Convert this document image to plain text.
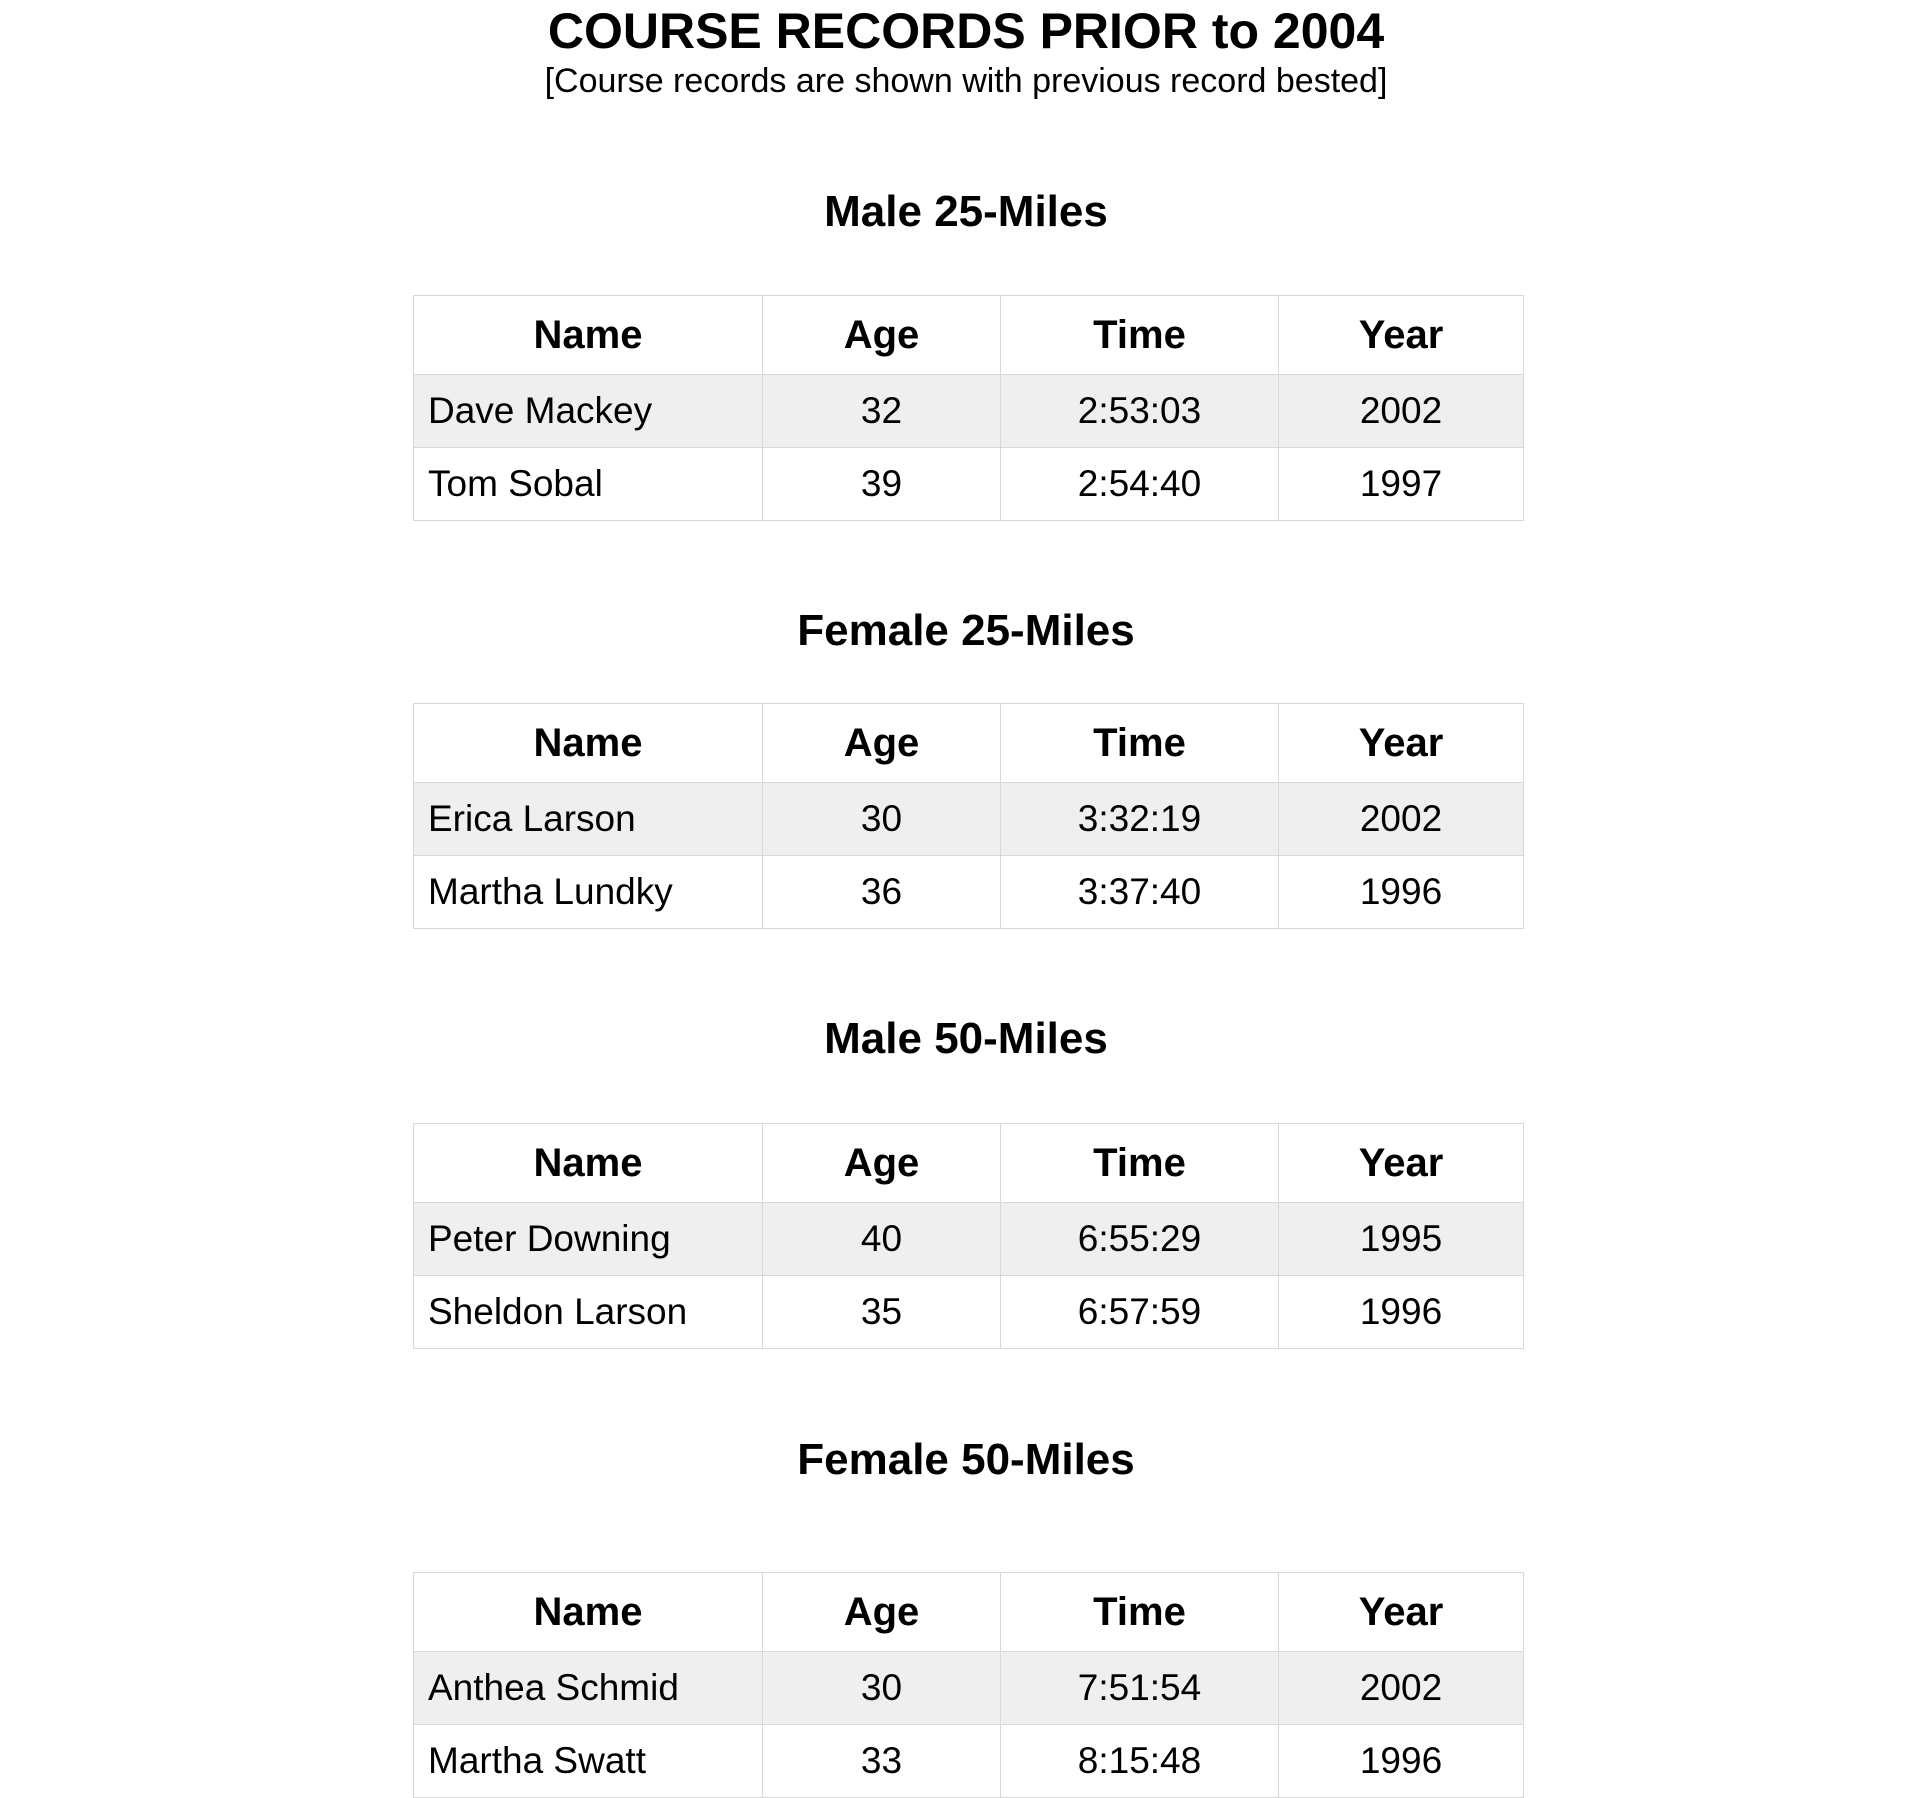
COURSE RECORDS PRIOR to 2004
[Course records are shown with previous record bested]
Male 25-Miles
Name	Age	Time	Year
Dave Mackey	32	2:53:03	2002
Tom Sobal	39	2:54:40	1997
Female 25-Miles
Name	Age	Time	Year
Erica Larson	30	3:32:19	2002
Martha Lundky	36	3:37:40	1996
Male 50-Miles
Name	Age	Time	Year
Peter Downing	40	6:55:29	1995
Sheldon Larson	35	6:57:59	1996
Female 50-Miles
Name	Age	Time	Year
Anthea Schmid	30	7:51:54	2002
Martha Swatt	33	8:15:48	1996
